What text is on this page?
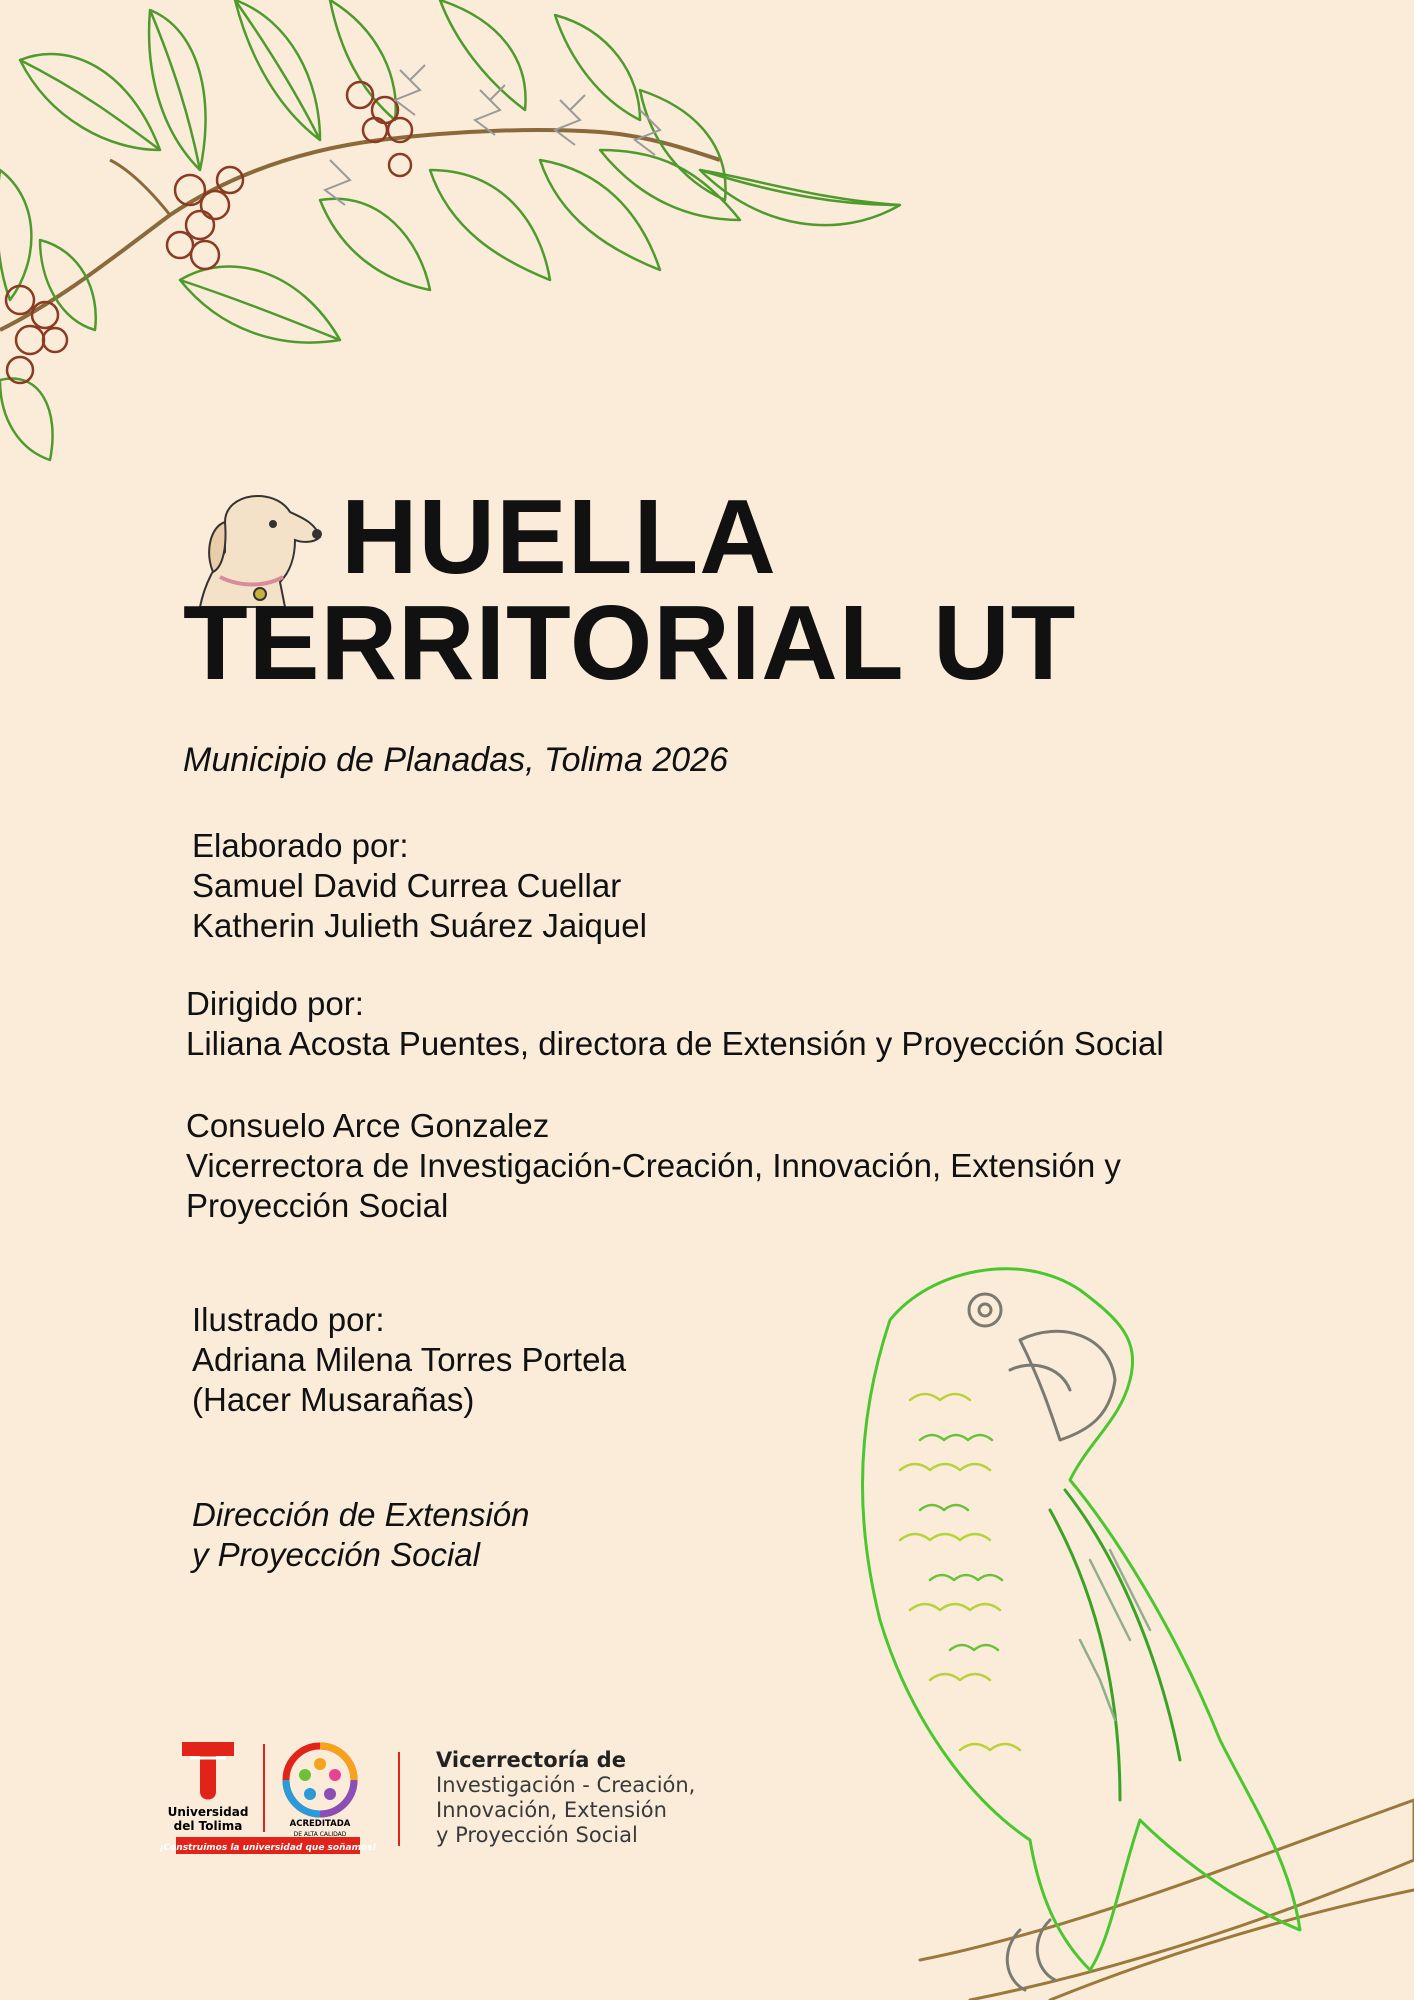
HUELLA
TERRITORIAL UT
Municipio de Planadas, Tolima 2026
Elaborado por:
Samuel David Currea Cuellar
Katherin Julieth Suárez Jaiquel
Dirigido por:
Liliana Acosta Puentes, directora de Extensión y Proyección Social
Consuelo Arce Gonzalez
Vicerrectora de Investigación-Creación, Innovación, Extensión y
Proyección Social
Ilustrado por:
Adriana Milena Torres Portela
(Hacer Musarañas)
Dirección de Extensión
y Proyección Social
Universidad
del Tolima
¡Construimos la universidad que soñamos!
ACREDITADA
DE ALTA CALIDAD
Vicerrectoría de
Investigación - Creación,
Innovación, Extensión
y Proyección Social
